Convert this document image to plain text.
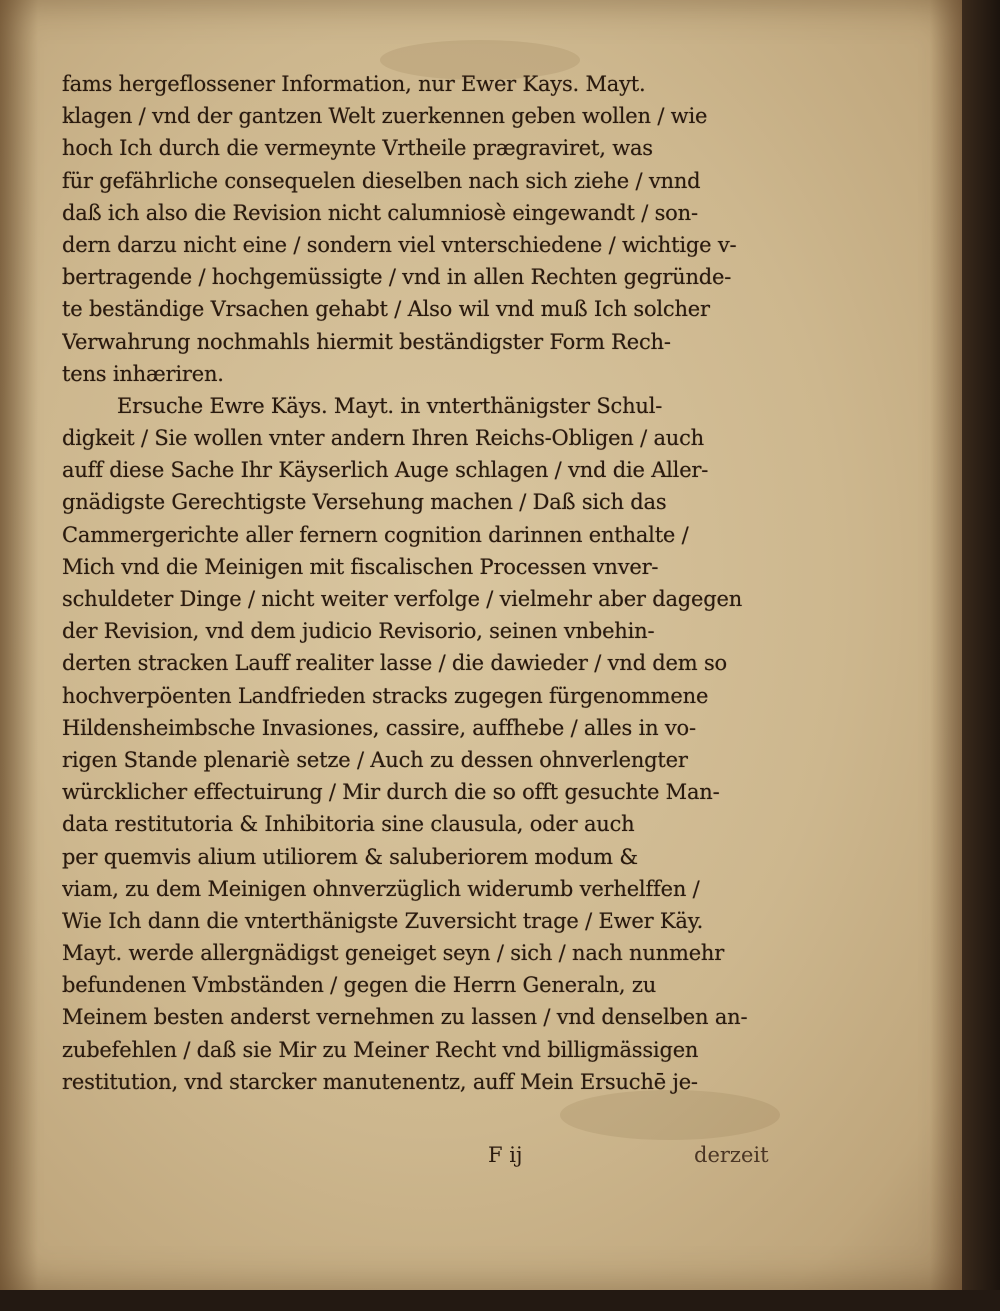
fams hergeflossener Information, nur Ewer Kays. Mayt.
klagen / vnd der gantzen Welt zuerkennen geben wollen / wie
hoch Ich durch die vermeynte Vrtheile prægraviret, was
für gefährliche consequelen dieselben nach sich ziehe / vnnd
daß ich also die Revision nicht calumniosè eingewandt / son-
dern darzu nicht eine / sondern viel vnterschiedene / wichtige v-
bertragende / hochgemüssigte / vnd in allen Rechten gegründe-
te beständige Vrsachen gehabt / Also wil vnd muß Ich solcher
Verwahrung nochmahls hiermit beständigster Form Rech-
tens inhæriren.
Ersuche Ewre Käys. Mayt. in vnterthänigster Schul-
digkeit / Sie wollen vnter andern Ihren Reichs-Obligen / auch
auff diese Sache Ihr Käyserlich Auge schlagen / vnd die Aller-
gnädigste Gerechtigste Versehung machen / Daß sich das
Cammergerichte aller fernern cognition darinnen enthalte /
Mich vnd die Meinigen mit fiscalischen Processen vnver-
schuldeter Dinge / nicht weiter verfolge / vielmehr aber dagegen
der Revision, vnd dem judicio Revisorio, seinen vnbehin-
derten stracken Lauff realiter lasse / die dawieder / vnd dem so
hochverpöenten Landfrieden stracks zugegen fürgenommene
Hildensheimbsche Invasiones, cassire, auffhebe / alles in vo-
rigen Stande plenariè setze / Auch zu dessen ohnverlengter
würcklicher effectuirung / Mir durch die so offt gesuchte Man-
data restitutoria & Inhibitoria sine clausula, oder auch
per quemvis alium utiliorem & saluberiorem modum &
viam, zu dem Meinigen ohnverzüglich widerumb verhelffen /
Wie Ich dann die vnterthänigste Zuversicht trage / Ewer Käy.
Mayt. werde allergnädigst geneiget seyn / sich / nach nunmehr
befundenen Vmbständen / gegen die Herrn Generaln, zu
Meinem besten anderst vernehmen zu lassen / vnd denselben an-
zubefehlen / daß sie Mir zu Meiner Recht vnd billigmässigen
restitution, vnd starcker manutenentz, auff Mein Ersuchē je-
F ij	derzeit
